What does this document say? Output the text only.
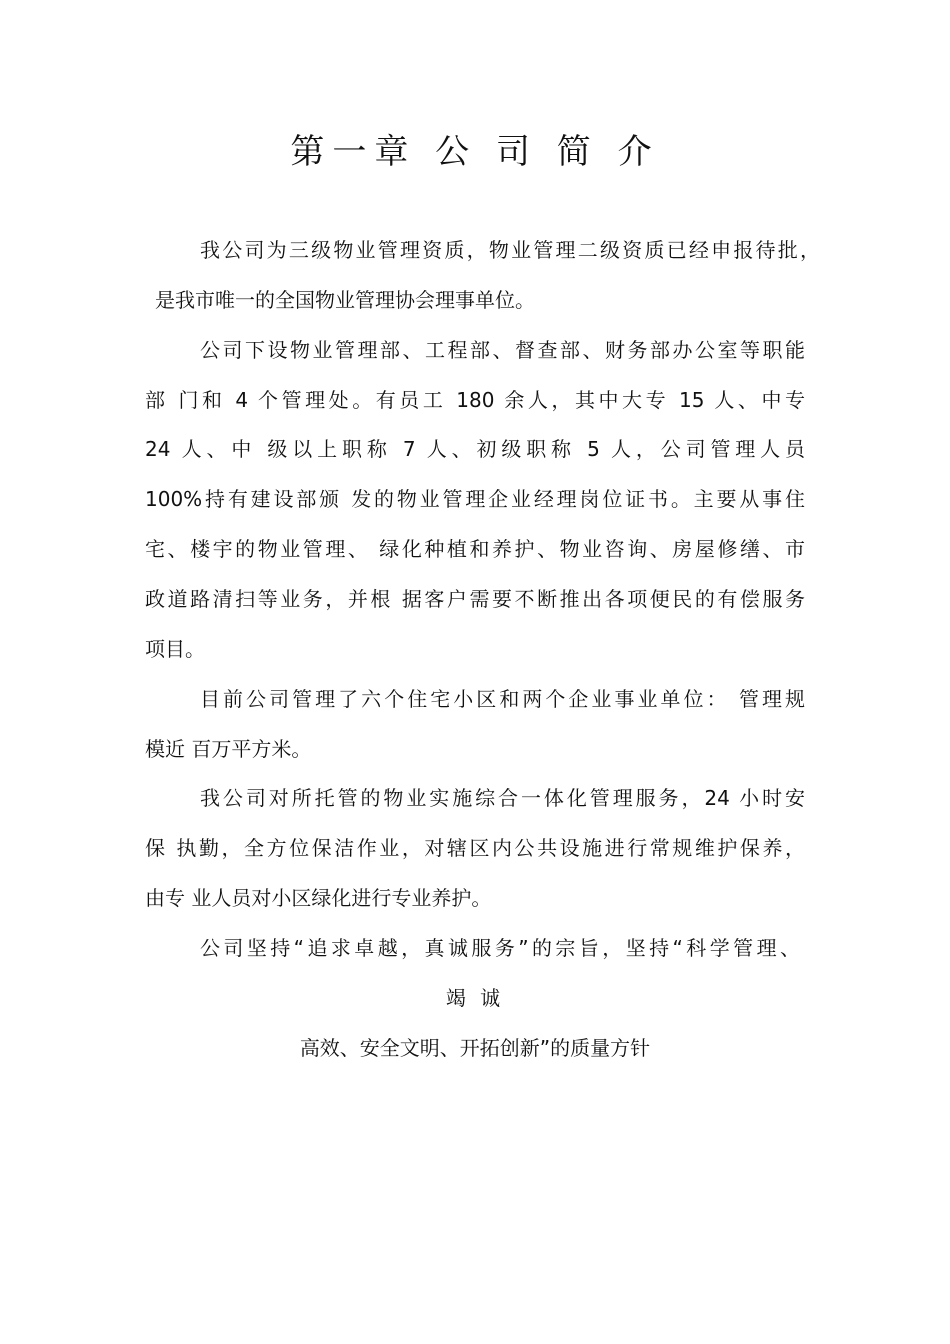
第一章 公 司 简 介
我公司为三级物业管理资质，物业管理二级资质已经申报待批，
是我市唯一的全国物业管理协会理事单位。
公司下设物业管理部、工程部、督查部、财务部办公室等职能
部 门和 4 个管理处。有员工 180 余人，其中大专 15 人、中专
24 人、中 级以上职称 7 人、初级职称 5 人，公司管理人员
100%持有建设部颁 发的物业管理企业经理岗位证书。主要从事住
宅、楼宇的物业管理、 绿化种植和养护、物业咨询、房屋修缮、市
政道路清扫等业务，并根 据客户需要不断推出各项便民的有偿服务
项目。
目前公司管理了六个住宅小区和两个企业事业单位： 管理规
模近 百万平方米。
我公司对所托管的物业实施综合一体化管理服务，24 小时安
保 执勤，全方位保洁作业，对辖区内公共设施进行常规维护保养，
由专 业人员对小区绿化进行专业养护。
公司坚持“追求卓越，真诚服务”的宗旨，坚持“科学管理、
竭 诚
高效、安全文明、开拓创新”的质量方针
